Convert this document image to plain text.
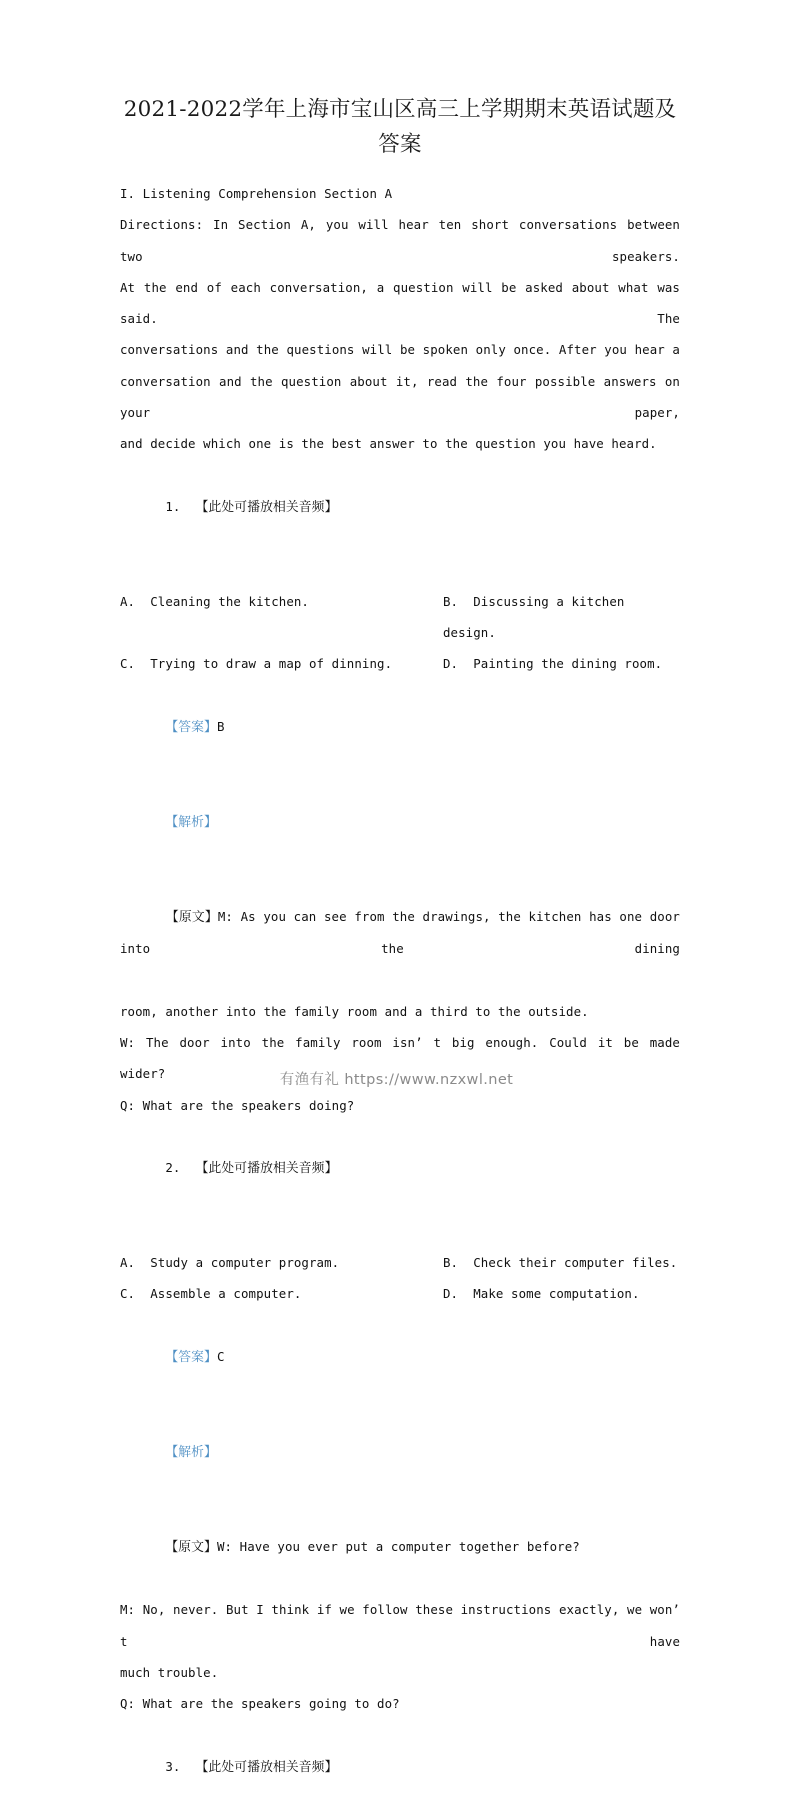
2021-2022学年上海市宝山区高三上学期期末英语试题及答案
I. Listening Comprehension Section A
Directions: In Section A, you will hear ten short conversations between two speakers.
At the end of each conversation, a question will be asked about what was said. The
conversations and the questions will be spoken only once. After you hear a
conversation and the question about it, read the four possible answers on your paper,
and decide which one is the best answer to the question you have heard.

1. 【此处可播放相关音频】

A.  Cleaning the kitchen.	B.  Discussing a kitchen design.
C.  Trying to draw a map of dinning.	D.  Painting the dining room.

【答案】B

【解析】

【原文】M: As you can see from the drawings, the kitchen has one door into the dining

room, another into the family room and a third to the outside.
W: The door into the family room isn’ t big enough. Could it be made wider?
Q: What are the speakers doing?

2. 【此处可播放相关音频】

A.  Study a computer program.	B.  Check their computer files.
C.  Assemble a computer.	D.  Make some computation.

【答案】C

【解析】

【原文】W: Have you ever put a computer together before?

M: No, never. But I think if we follow these instructions exactly, we won’ t have
much trouble.
Q: What are the speakers going to do?

3. 【此处可播放相关音频】

有渔有礼 https://www.nzxwl.net
